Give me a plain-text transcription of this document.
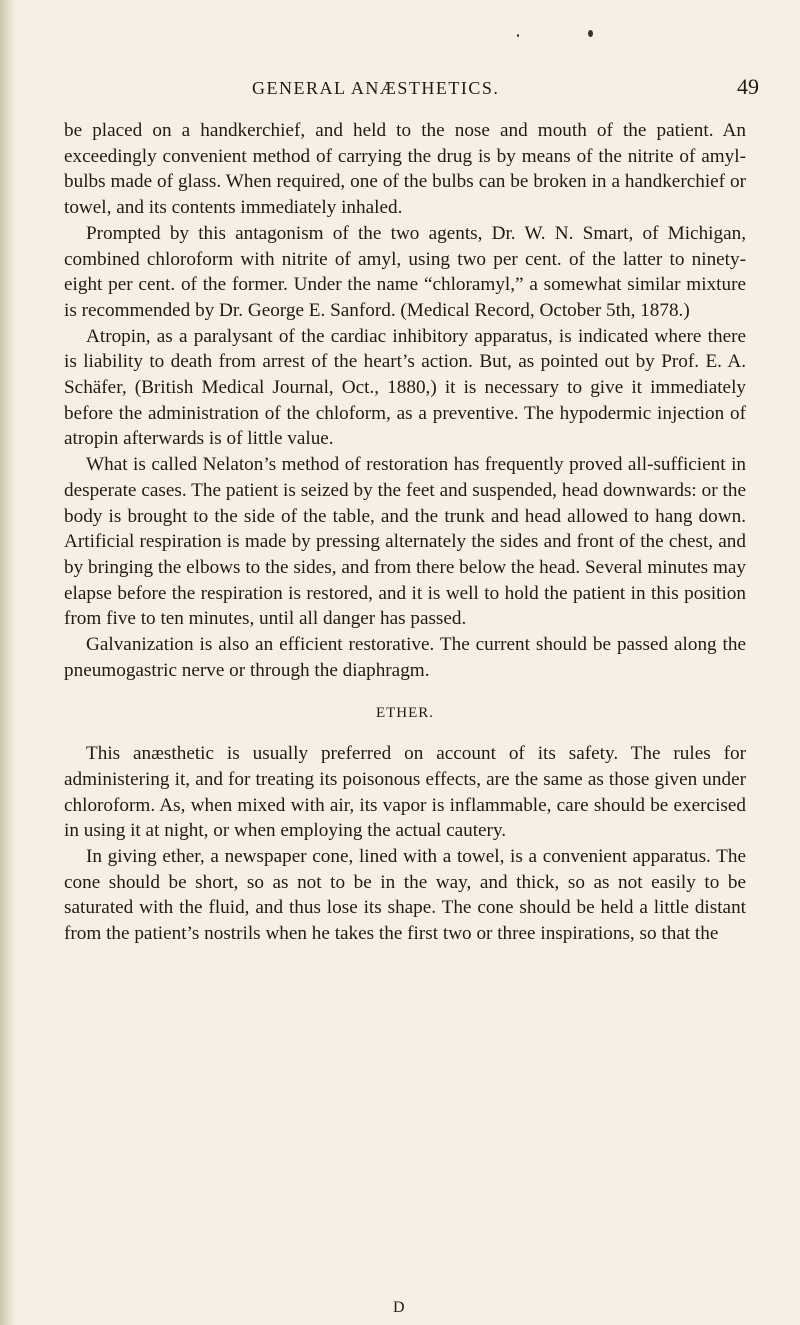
GENERAL ANÆSTHETICS.	49

be placed on a handkerchief, and held to the nose and mouth of the patient. An exceedingly convenient method of carrying the drug is by means of the nitrite of amyl-bulbs made of glass. When required, one of the bulbs can be broken in a handkerchief or towel, and its contents immediately inhaled.

Prompted by this antagonism of the two agents, Dr. W. N. Smart, of Michigan, combined chloroform with nitrite of amyl, using two per cent. of the latter to ninety-eight per cent. of the former. Under the name “chloramyl,” a somewhat similar mixture is recommended by Dr. George E. Sanford. (Medical Record, October 5th, 1878.)

Atropin, as a paralysant of the cardiac inhibitory apparatus, is indicated where there is liability to death from arrest of the heart’s action. But, as pointed out by Prof. E. A. Schäfer, (British Medical Journal, Oct., 1880,) it is necessary to give it immediately before the administration of the chloform, as a preventive. The hypodermic injection of atropin afterwards is of little value.

What is called Nelaton’s method of restoration has frequently proved all-sufficient in desperate cases. The patient is seized by the feet and suspended, head downwards: or the body is brought to the side of the table, and the trunk and head allowed to hang down. Artificial respiration is made by pressing alternately the sides and front of the chest, and by bringing the elbows to the sides, and from there below the head. Several minutes may elapse before the respiration is restored, and it is well to hold the patient in this position from five to ten minutes, until all danger has passed.

Galvanization is also an efficient restorative. The current should be passed along the pneumogastric nerve or through the diaphragm.

ETHER.

This anæsthetic is usually preferred on account of its safety. The rules for administering it, and for treating its poisonous effects, are the same as those given under chloroform. As, when mixed with air, its vapor is inflammable, care should be exercised in using it at night, or when employing the actual cautery.

In giving ether, a newspaper cone, lined with a towel, is a convenient apparatus. The cone should be short, so as not to be in the way, and thick, so as not easily to be saturated with the fluid, and thus lose its shape. The cone should be held a little distant from the patient’s nostrils when he takes the first two or three inspirations, so that the

D
